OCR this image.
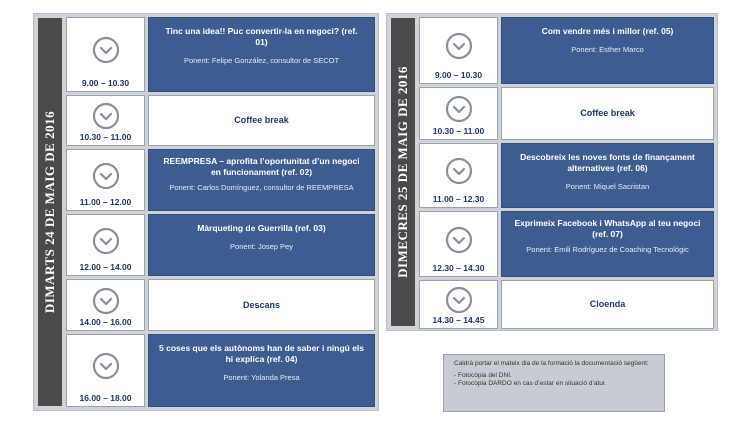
DIMARTS 24 DE MAIG DE 2016
9.00 – 10.30
Tinc una idea!! Puc convertir-la en negoci? (ref. 01)
Ponent: Felipe González, consultor de SECOT
10.30 – 11.00
Coffee break
11.00 – 12.00
REEMPRESA – aprofita l’oportunitat d’un negoci en funcionament (ref. 02)
Ponent: Carlos Domínguez, consultor de REEMPRESA
12.00 – 14.00
Màrqueting de Guerrilla (ref. 03)
Ponent: Josep Pey
14.00 – 16.00
Descans
16.00 – 18.00
5 coses que els autònoms han de saber i ningú els hi explica (ref. 04)
Ponent: Yolanda Presa
DIMECRES 25 DE MAIG DE 2016	9.00 – 10.30
Com vendre més i millor (ref. 05)
Ponent: Esther Marco
10.30 – 11.00
Coffee break
11.00 – 12.30
Descobreix les noves fonts de finançament alternatives (ref. 06)
Ponent: Miquel Sacristan
12.30 – 14.30
Exprimeix Facebook i WhatsApp al teu negoci (ref. 07)
Ponent: Emili Rodríguez de Coaching Tecnològic
14.30 – 14.45
Cloenda
Caldrà portar el mateix dia de la formació la documentació següent:
- Fotocòpia del DNI.
- Fotocòpia DARDO en cas d’estar en situació d’atur.
